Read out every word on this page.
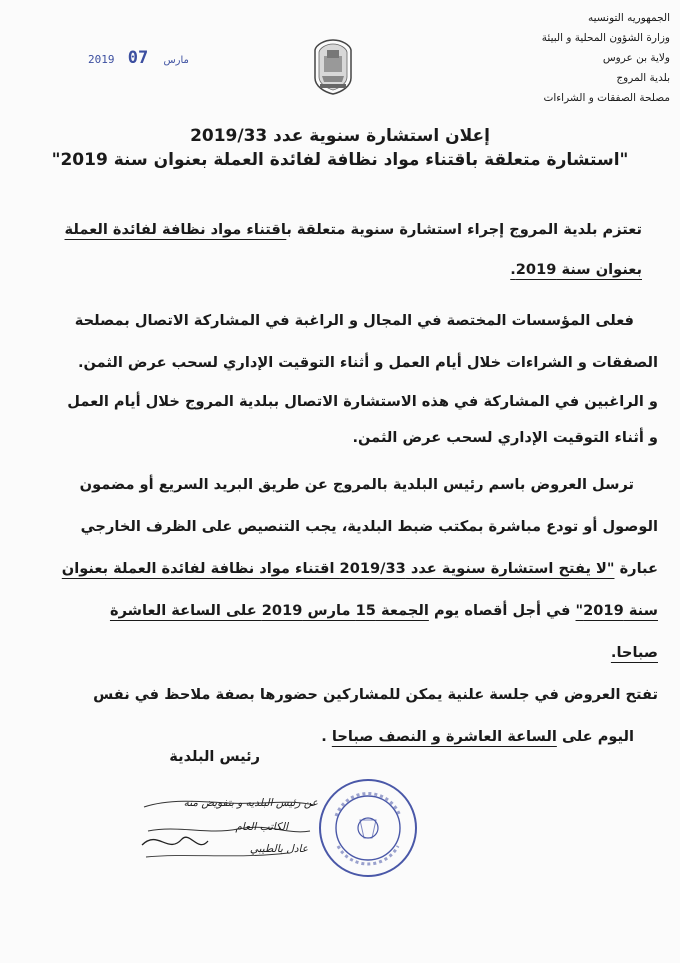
الجمهوريه التونسيه
وزارة الشؤون المحلية و البيئة
ولاية بن عروس
بلدية المروج
مصلحة الصفقات و الشراءات
2019	مارس 07
إعلان استشارة سنوية عدد 2019/33
"استشارة متعلقة باقتناء مواد نظافة لفائدة العملة بعنوان سنة 2019"
تعتزم بلدية المروج إجراء استشارة سنوية متعلقة باقتناء مواد نظافة لفائدة العملة
بعنوان سنة 2019.
فعلى المؤسسات المختصة في المجال و الراغبة في المشاركة الاتصال بمصلحة
الصفقات و الشراءات خلال أيام العمل و أثناء التوقيت الإداري لسحب عرض الثمن.
و الراغبين في المشاركة في هذه الاستشارة الاتصال ببلدية المروج خلال أيام العمل
و أثناء التوقيت الإداري لسحب عرض الثمن.
ترسل العروض باسم رئيس البلدية بالمروج عن طريق البريد السريع أو مضمون
الوصول أو تودع مباشرة بمكتب ضبط البلدية، يجب التنصيص على الظرف الخارجي
عبارة "لا يفتح استشارة سنوية عدد 2019/33 اقتناء مواد نظافة لفائدة العملة بعنوان
سنة 2019" في أجل أقصاه يوم الجمعة 15 مارس 2019 على الساعة العاشرة
صباحا.
تفتح العروض في جلسة علنية يمكن للمشاركين حضورها بصفة ملاحظ في نفس
اليوم على الساعة العاشرة و النصف صباحا .
رئيس البلدية
عن رئيس البلديه و بتفويض منه
الكاتب العام
عادل بالطيبي
